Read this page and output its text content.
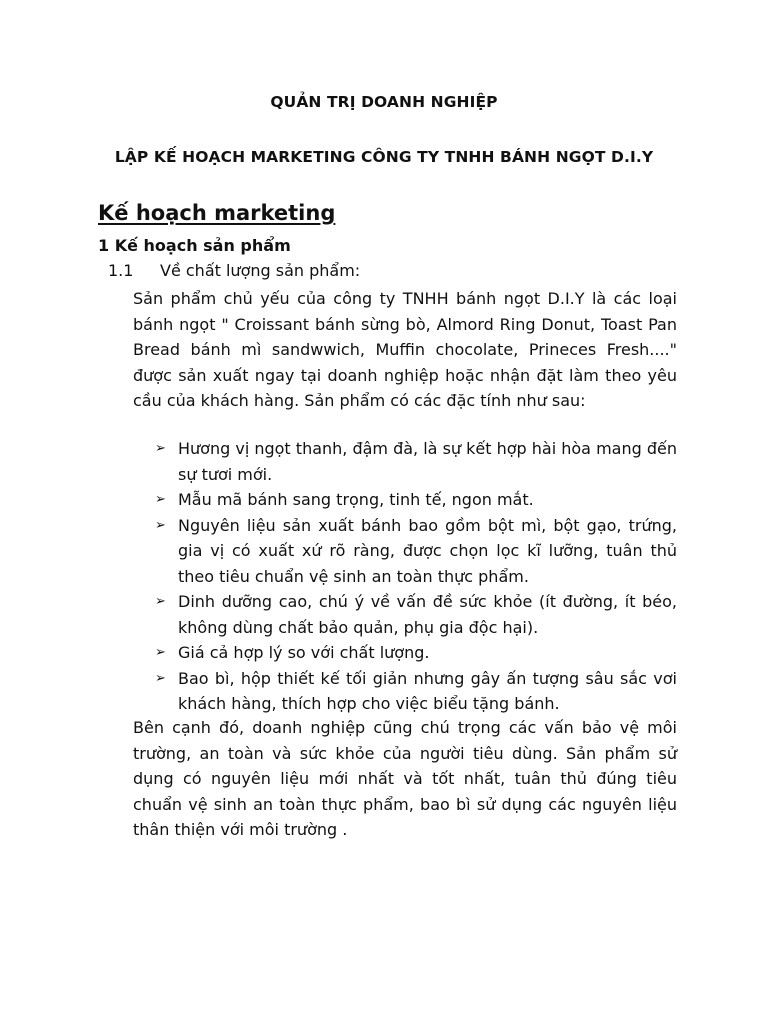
QUẢN TRỊ DOANH NGHIỆP
LẬP KẾ HOẠCH MARKETING CÔNG TY TNHH BÁNH NGỌT D.I.Y
Kế hoạch marketing
1 Kế hoạch sản phẩm
1.1 Về chất lượng sản phẩm:

Sản phẩm chủ yếu của công ty TNHH bánh ngọt D.I.Y là các loại bánh ngọt " Croissant bánh sừng bò, Almord Ring Donut, Toast Pan Bread bánh mì sandwwich, Muffin chocolate, Prineces Fresh...." được sản xuất ngay tại doanh nghiệp hoặc nhận đặt làm theo yêu cầu của khách hàng. Sản phẩm có các đặc tính như sau:

➢ Hương vị ngọt thanh, đậm đà, là sự kết hợp hài hòa mang đến sự tươi mới.
➢ Mẫu mã bánh sang trọng, tinh tế, ngon mắt.
➢ Nguyên liệu sản xuất bánh bao gồm bột mì, bột gạo, trứng, gia vị có xuất xứ rõ ràng, được chọn lọc kĩ lưỡng, tuân thủ theo tiêu chuẩn vệ sinh an toàn thực phẩm.
➢ Dinh dưỡng cao, chú ý về vấn đề sức khỏe (ít đường, ít béo, không dùng chất bảo quản, phụ gia độc hại).
➢ Giá cả hợp lý so với chất lượng.
➢ Bao bì, hộp thiết kế tối giản nhưng gây ấn tượng sâu sắc vơi khách hàng, thích hợp cho việc biểu tặng bánh.

Bên cạnh đó, doanh nghiệp cũng chú trọng các vấn bảo vệ môi trường, an toàn và sức khỏe của người tiêu dùng. Sản phẩm sử dụng có nguyên liệu mới nhất và tốt nhất, tuân thủ đúng tiêu chuẩn vệ sinh an toàn thực phẩm, bao bì sử dụng các nguyên liệu thân thiện với môi trường .
